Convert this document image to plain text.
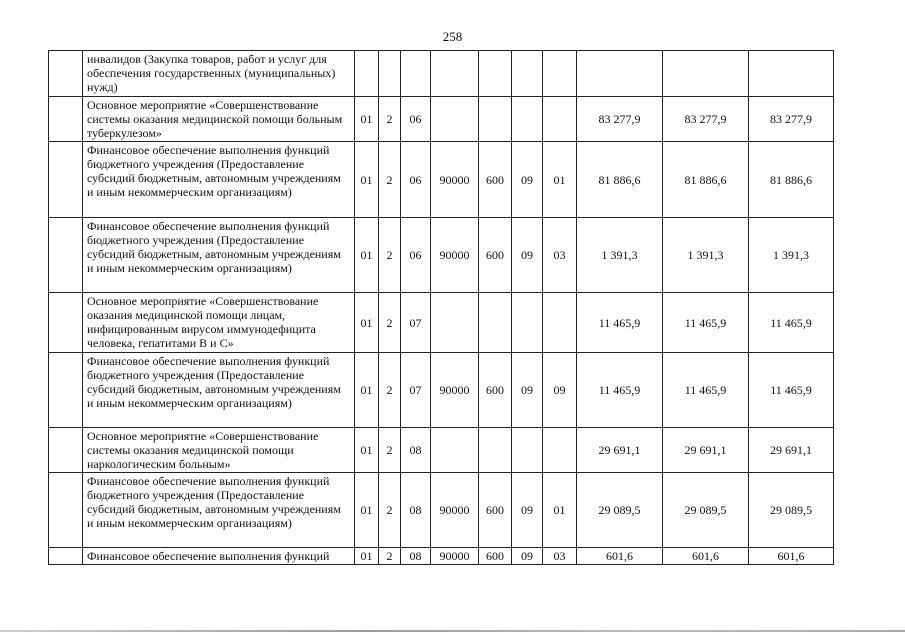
258
	инвалидов (Закупка товаров, работ и услуг для обеспечения государственных (муниципальных) нужд)										
	Основное мероприятие «Совершенствование системы оказания медицинской помощи больным туберкулезом»	01	2	06					83 277,9	83 277,9	83 277,9
	Финансовое обеспечение выполнения функций бюджетного учреждения (Предоставление субсидий бюджетным, автономным учреждениям и иным некоммерческим организациям)	01	2	06	90000	600	09	01	81 886,6	81 886,6	81 886,6
	Финансовое обеспечение выполнения функций бюджетного учреждения (Предоставление субсидий бюджетным, автономным учреждениям и иным некоммерческим организациям)	01	2	06	90000	600	09	03	1 391,3	1 391,3	1 391,3
	Основное мероприятие «Совершенствование оказания медицинской помощи лицам, инфицированным вирусом иммунодефицита человека, гепатитами В и С»	01	2	07					11 465,9	11 465,9	11 465,9
	Финансовое обеспечение выполнения функций бюджетного учреждения (Предоставление субсидий бюджетным, автономным учреждениям и иным некоммерческим организациям)	01	2	07	90000	600	09	09	11 465,9	11 465,9	11 465,9
	Основное мероприятие «Совершенствование системы оказания медицинской помощи наркологическим больным»	01	2	08					29 691,1	29 691,1	29 691,1
	Финансовое обеспечение выполнения функций бюджетного учреждения (Предоставление субсидий бюджетным, автономным учреждениям и иным некоммерческим организациям)	01	2	08	90000	600	09	01	29 089,5	29 089,5	29 089,5
	Финансовое обеспечение выполнения функций	01	2	08	90000	600	09	03	601,6	601,6	601,6
